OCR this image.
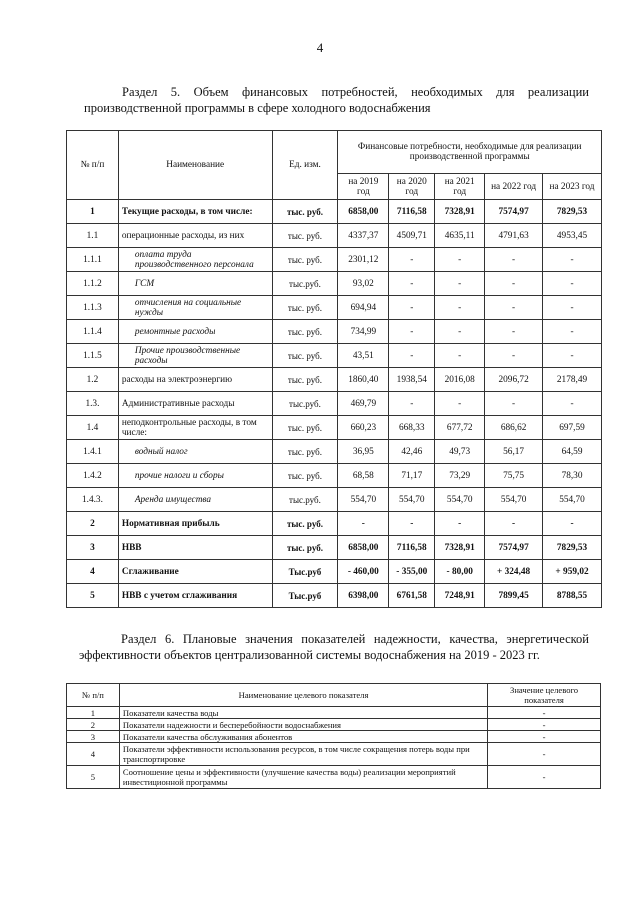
4
Раздел 5. Объем финансовых потребностей, необходимых для реализации производственной программы в сфере холодного водоснабжения
№ п/п	Наименование	Ед. изм.	Финансовые потребности, необходимые для реализации производственной программы				
			на 2019 год	на 2020 год	на 2021 год	на 2022 год	на 2023 год
1	Текущие расходы, в том числе:	тыс. руб.	6858,00	7116,58	7328,91	7574,97	7829,53
1.1	операционные расходы, из них	тыс. руб.	4337,37	4509,71	4635,11	4791,63	4953,45
1.1.1	оплата труда производственного персонала	тыс. руб.	2301,12	-	-	-	-
1.1.2	ГСМ	тыс.руб.	93,02	-	-	-	-
1.1.3	отчисления на социальные нужды	тыс. руб.	694,94	-	-	-	-
1.1.4	ремонтные расходы	тыс. руб.	734,99	-	-	-	-
1.1.5	Прочие производственные расходы	тыс. руб.	43,51	-	-	-	-
1.2	расходы на электроэнергию	тыс. руб.	1860,40	1938,54	2016,08	2096,72	2178,49
1.3.	Административные расходы	тыс.руб.	469,79	-	-	-	-
1.4	неподконтрольные расходы, в том числе:	тыс. руб.	660,23	668,33	677,72	686,62	697,59
1.4.1	водный налог	тыс. руб.	36,95	42,46	49,73	56,17	64,59
1.4.2	прочие налоги и сборы	тыс. руб.	68,58	71,17	73,29	75,75	78,30
1.4.3.	Аренда имущества	тыс.руб.	554,70	554,70	554,70	554,70	554,70
2	Нормативная прибыль	тыс. руб.	-	-	-	-	-
3	НВВ	тыс. руб.	6858,00	7116,58	7328,91	7574,97	7829,53
4	Сглаживание	Тыс.руб	- 460,00	- 355,00	- 80,00	+ 324,48	+ 959,02
5	НВВ с учетом сглаживания	Тыс.руб	6398,00	6761,58	7248,91	7899,45	8788,55
Раздел 6. Плановые значения показателей надежности, качества, энергетической эффективности объектов централизованной системы водоснабжения на 2019 - 2023 гг.
№ п/п	Наименование целевого показателя	Значение целевого показателя
1	Показатели качества воды	-
2	Показатели надежности и бесперебойности водоснабжения	-
3	Показатели качества обслуживания абонентов	-
4	Показатели эффективности использования ресурсов, в том числе сокращения потерь воды при транспортировке	-
5	Соотношение цены и эффективности (улучшение качества воды) реализации мероприятий инвестиционной программы	-
